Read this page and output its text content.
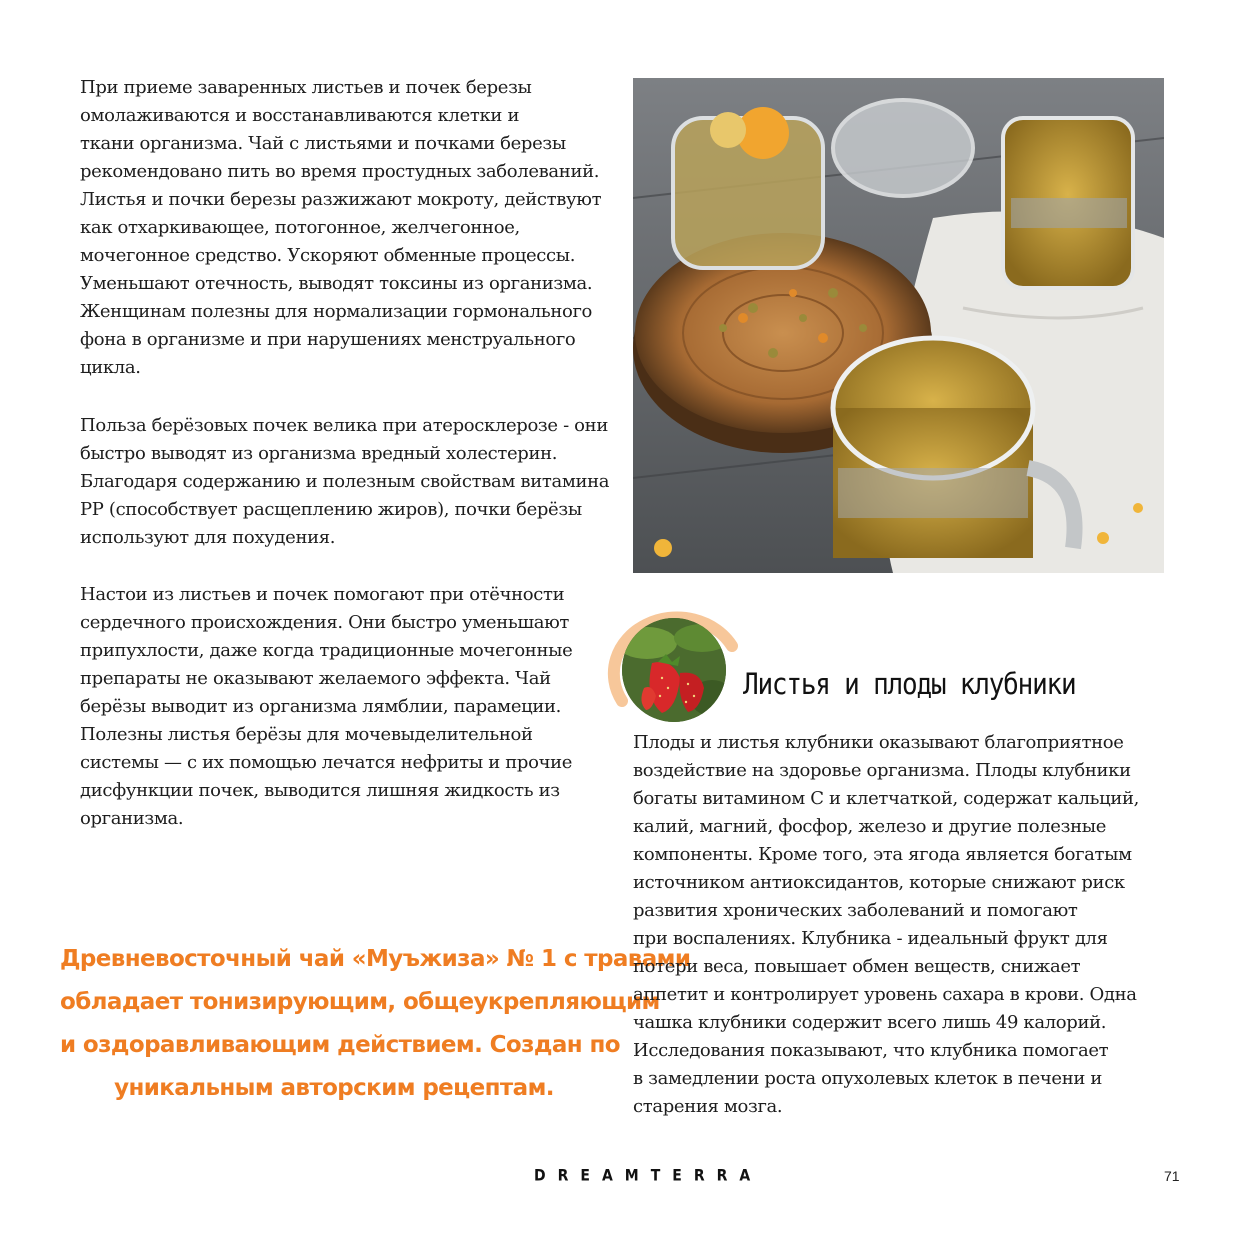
При приеме заваренных листьев и почек березы
омолаживаются и восстанавливаются клетки и
ткани организма. Чай с листьями и почками березы
рекомендовано пить во время простудных заболеваний.
Листья и почки березы разжижают мокроту, действуют
как отхаркивающее, потогонное, желчегонное,
мочегонное средство. Ускоряют обменные процессы.
Уменьшают отечность, выводят токсины из организма.
Женщинам полезны для нормализации гормонального
фона в организме и при нарушениях менструального
цикла.

Польза берёзовых почек велика при атеросклерозе - они
быстро выводят из организма вредный холестерин.
Благодаря содержанию и полезным свойствам витамина
РР (способствует расщеплению жиров), почки берёзы
используют для похудения.

Настои из листьев и почек помогают при отёчности
сердечного происхождения. Они быстро уменьшают
припухлости, даже когда традиционные мочегонные
препараты не оказывают желаемого эффекта. Чай
берёзы выводит из организма лямблии, парамеции.
Полезны листья берёзы для мочевыделительной
системы — с их помощью лечатся нефриты и прочие
дисфункции почек, выводится лишняя жидкость из
организма.

Древневосточный чай «Муъжиза» № 1 с травами
обладает тонизирующим, общеукрепляющим
и оздоравливающим действием. Создан по
уникальным авторским рецептам.

Листья и плоды клубники

Плоды и листья клубники оказывают благоприятное
воздействие на здоровье организма. Плоды клубники
богаты витамином С и клетчаткой, содержат кальций,
калий, магний, фосфор, железо и другие полезные
компоненты. Кроме того, эта ягода является богатым
источником антиоксидантов, которые снижают риск
развития хронических заболеваний и помогают
при воспалениях. Клубника - идеальный фрукт для
потери веса, повышает обмен веществ, снижает
аппетит и контролирует уровень сахара в крови. Одна
чашка клубники содержит всего лишь 49 калорий.
Исследования показывают, что клубника помогает
в замедлении роста опухолевых клеток в печени и
старения мозга.

DREAMTERRA	71
